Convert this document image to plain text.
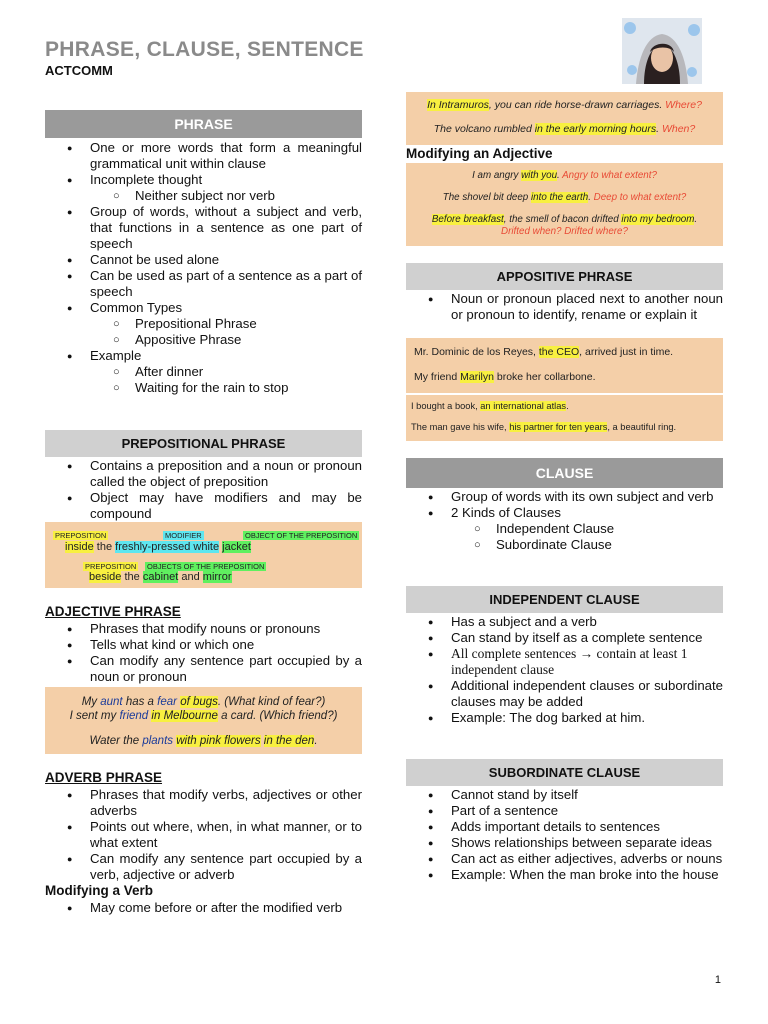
PHRASE, CLAUSE, SENTENCE
ACTCOMM
PHRASE
● One or more words that form a meaningful grammatical unit within clause
● Incomplete thought
○ Neither subject nor verb
● Group of words, without a subject and verb, that functions in a sentence as one part of speech
● Cannot be used alone
● Can be used as part of a sentence as a part of speech
● Common Types
○ Prepositional Phrase
○ Appositive Phrase
● Example
○ After dinner
○ Waiting for the rain to stop
PREPOSITIONAL PHRASE
● Contains a preposition and a noun or pronoun called the object of preposition
● Object may have modifiers and may be compound
PREPOSITION	MODIFIER	OBJECT OF THE PREPOSITION
inside the freshly-pressed white jacket
PREPOSITION OBJECTS OF THE PREPOSITION
beside the cabinet and mirror
ADJECTIVE PHRASE
● Phrases that modify nouns or pronouns
● Tells what kind or which one
● Can modify any sentence part occupied by a noun or pronoun

My aunt has a fear of bugs. (What kind of fear?)

I sent my friend in Melbourne a card. (Which friend?)

Water the plants with pink flowers in the den.

ADVERB PHRASE
● Phrases that modify verbs, adjectives or other adverbs
● Points out where, when, in what manner, or to what extent
● Can modify any sentence part occupied by a verb, adjective or adverb
Modifying a Verb
● May come before or after the modified verb

In Intramuros, you can ride horse-drawn carriages. Where?

The volcano rumbled in the early morning hours. When?

Modifying an Adjective

I am angry with you. Angry to what extent?

The shovel bit deep into the earth. Deep to what extent?

Before breakfast, the smell of bacon drifted into my bedroom.

Drifted when? Drifted where?

APPOSITIVE PHRASE
● Noun or pronoun placed next to another noun or pronoun to identify, rename or explain it
Mr. Dominic de los Reyes, the CEO, arrived just in time.
My friend Marilyn broke her collarbone.
I bought a book, an international atlas.
The man gave his wife, his partner for ten years, a beautiful ring.
CLAUSE
● Group of words with its own subject and verb
● 2 Kinds of Clauses
○ Independent Clause
○ Subordinate Clause
INDEPENDENT CLAUSE
● Has a subject and a verb
● Can stand by itself as a complete sentence
● All complete sentences → contain at least 1 independent clause
● Additional independent clauses or subordinate clauses may be added
● Example: The dog barked at him.
SUBORDINATE CLAUSE
● Cannot stand by itself
● Part of a sentence
● Adds important details to sentences
● Shows relationships between separate ideas
● Can act as either adjectives, adverbs or nouns
● Example: When the man broke into the house
1
